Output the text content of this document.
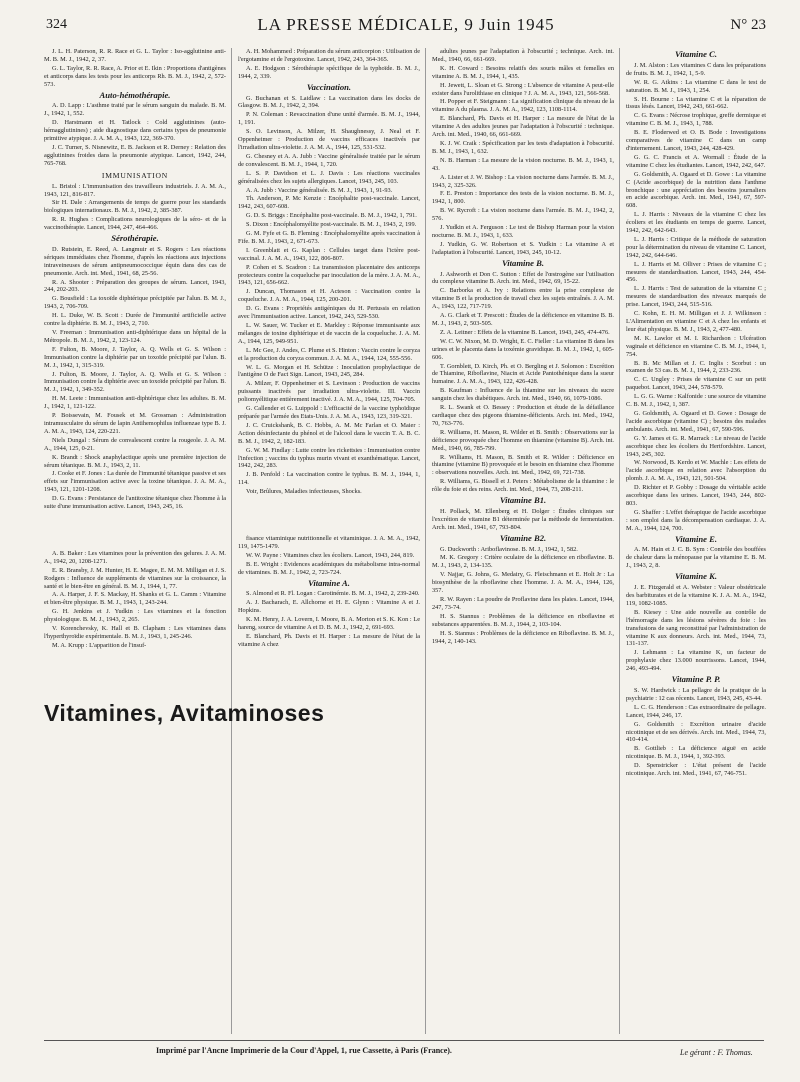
324	LA PRESSE MÉDICALE, 9 Juin 1945	N° 23

J. L. H. Paterson, R. R. Race et G. L. Taylor : Iso-agglutinine anti-M. B. M. J., 1942, 2, 37.

G. L. Taylor, R. R. Race, A. Prior et E. Ikin : Proportions d'antigènes et anticorps dans les tests pour les anticorps Rh. B. M. J., 1942, 2, 572-573.

Auto-hémothérapie.

A. D. Lapp : L'asthme traité par le sérum sanguin du malade. B. M. J., 1942, 1, 552.

D. Harstmann et H. Tatlock : Cold agglutinines (auto-hémagglutinines) ; aide diagnostique dans certains types de pneumonie primitive atypique. J. A. M. A., 1943, 122, 369-370.

J. C. Turner, S. Nisnewitz, E. B. Jackson et R. Derney : Relation des agglutinines froides dans la pneumonie atypique. Lancet, 1942, 244, 765-768.

IMMUNISATION

L. Bristol : L'immunisation des travailleurs industriels. J. A. M. A., 1943, 121, 816-817.

Sir H. Dale : Arrangements de temps de guerre pour les standards biologiques internationaux. B. M. J., 1942, 2, 385-387.

R. R. Hughes : Complications neurologiques de la séro- et de la vaccinothérapie. Lancet, 1944, 247, 464-466.

Sérothérapie.

D. Rutstein, E. Reed, A. Langmuir et S. Rogers : Les réactions sériques immédiates chez l'homme, d'après les réactions aux injections intraveineuses de sérum antipneumococcique équin dans des cas de pneumonie. Arch. int. Med., 1941, 68, 25-56.

R. A. Shooter : Préparation des groupes de sérum. Lancet, 1943, 244, 202-203.

G. Bousfield : La toxoïde diphtérique précipitée par l'alun. B. M. J., 1943, 2, 706-709.

H. L. Duke, W. B. Scott : Durée de l'immunité artificielle active contre la diphtérie. B. M. J., 1943, 2, 710.

V. Freeman : Immunisation anti-diphtérique dans un hôpital de la Métropole. B. M. J., 1942, 2, 123-124.

F. Fulton, B. Moore, J. Taylor, A. Q. Wells et G. S. Wilson : Immunisation contre la diphtérie par un toxoïde précipité par l'alun. B. M. J., 1942, 1, 315-319.

J. Fulton, B. Moore, J. Taylor, A. Q. Wells et G. S. Wilson : Immunisation contre la diphtérie avec un toxoïde précipité par l'alun. B. M. J., 1942, 1, 349-352.

H. M. Leete : Immunisation anti-diphtérique chez les adultes. B. M. J., 1942, 1, 121-122.

P. Boissevain, M. Fousek et M. Grossman : Administration intramusculaire du sérum de lapin Antihemophilus influenzae type B. J. A. M. A., 1943, 124, 220-221.

Niels Dungal : Sérum de convalescent contre la rougeole. J. A. M. A., 1944, 125, 0-21.

K. Brandt : Shock anaphylactique après une première injection de sérum tétanique. B. M. J., 1943, 2, 11.

J. Cooke et F. Jones : La durée de l'immunité tétanique passive et ses effets sur l'immunisation active avec la toxine tétanique. J. A. M. A., 1943, 121, 1201-1208.

D. G. Evans : Persistance de l'antitoxine tétanique chez l'homme à la suite d'une immunisation active. Lancet, 1943, 245, 16.

A. B. Baker : Les vitamines pour la prévention des gelures. J. A. M. A., 1942, 20, 1208-1271.

E. R. Bransby, J. M. Hunter, H. E. Magee, E. M. M. Milligan et J. S. Rodgers : Influence de suppléments de vitamines sur la croissance, la santé et le bien-être en général. B. M. J., 1944, 1, 77.

A. A. Harper, J. F. S. Mackay, H. Shanks et G. L. Camm : Vitamine et bien-être physique. B. M. J., 1943, 1, 243-244.

G. H. Jenkins et J. Yudkin : Les vitamines et la fonction physiologique. B. M. J., 1943, 2, 265.

V. Korenchevsky, K. Hall et B. Clapham : Les vitamines dans l'hyperthyroïdie expérimentale. B. M. J., 1943, 1, 245-246.

M. A. Krupp : L'apparition de l'insuf-

A. H. Mohammed : Préparation du sérum anticorpion : Utilisation de l'ergotamine et de l'ergotoxine. Lancet, 1942, 243, 364-365.

A. E. Hodgson : Sérothérapie spécifique de la typhoïde. B. M. J., 1944, 2, 339.

Vaccination.

G. Buchanan et S. Laidlaw : La vaccination dans les docks de Glasgow. B. M. J., 1942, 2, 394.

P. N. Coleman : Revaccination d'une unité d'armée. B. M. J., 1944, 1, 191.

S. O. Levinson, A. Milzer, H. Shaughnessy, J. Neal et F. Oppenheimer : Production de vaccins efficaces inactivés par l'irradiation ultra-violette. J. A. M. A., 1944, 125, 531-532.

G. Chesney et A. A. Jubb : Vaccine généralisée traitée par le sérum de convalescent. B. M. J., 1944, 1, 720.

L. S. P. Davidson et L. J. Davis : Les réactions vaccinales généralisées chez les sujets allergiques. Lancet, 1943, 245, 103.

A. A. Jubb : Vaccine généralisée. B. M. J., 1943, 1, 91-93.

Th. Anderson, P. Mc Kenzie : Encéphalite post-vaccinale. Lancet, 1942, 243, 607-608.

G. D. S. Briggs : Encéphalite post-vaccinale. B. M. J., 1942, 1, 791.

S. Dixon : Encéphalomyélite post-vaccinale. B. M. J., 1943, 2, 199.

G. M. Fyfe et G. B. Fleming : Encéphalomyélite après vaccination à Fife. B. M. J., 1943, 2, 671-673.

I. Greenblatt et G. Kaplan : Cellules target dans l'ictère post-vaccinal. J. A. M. A., 1943, 122, 806-807.

P. Cohen et S. Scadron : La transmission placentaire des anticorps protecteurs contre la coqueluche par inoculation de la mère. J. A. M. A., 1943, 121, 656-662.

J. Duncan, Thomason et H. Acteson : Vaccination contre la coqueluche. J. A. M. A., 1944, 125, 200-201.

D. G. Evans : Propriétés antigéniques du H. Pertussis en relation avec l'immunisation active. Lancet, 1942, 243, 529-530.

L. W. Sauer, W. Tucker et E. Markley : Réponse immunisante aux mélanges de toxine diphtérique et de vaccin de la coqueluche. J. A. M. A., 1944, 125, 949-951.

L. Mc Gee, J. Andes, C. Plume et S. Hinton : Vaccin contre le coryza et la production du coryza commun. J. A. M. A., 1944, 124, 555-556.

W. L. G. Morgan et H. Schütze : Inoculation prophylactique de l'antigène O de Fact Sign. Lancet, 1943, 245, 284.

A. Milzer, F. Oppenheimer et S. Levinson : Production de vaccins puissants inactivés par irradiation ultra-violette. III. Vaccin poliomyélitique entièrement inactivé. J. A. M. A., 1944, 125, 704-705.

G. Callender et G. Luippold : L'efficacité de la vaccine typhoïdique préparée par l'armée des Etats-Unis. J. A. M. A., 1943, 123, 319-321.

J. C. Cruickshank, B. C. Hobbs, A. M. Mc Farlan et O. Maier : Action désinfectante du phénol et de l'alcool dans le vaccin T. A. B. C. B. M. J., 1942, 2, 182-183.

G. W. M. Findlay : Lutte contre les rickettsies : Immunisation contre l'infection ; vaccins du typhus murin vivant et exanthématique. Lancet, 1942, 242, 283.

J. B. Penfold : La vaccination contre le typhus. B. M. J., 1944, 1, 114.

Voir, Brûlures, Maladies infectieuses, Shocks.

fisance vitaminique nutritionnelle et vitaminique. J. A. M. A., 1942, 119, 1475-1479.

W. W. Payne : Vitamines chez les écoliers. Lancet, 1943, 244, 819.

B. E. Wright : Evidences académiques du métabolisme intra-normal de vitamines. B. M. J., 1942, 2, 723-724.

Vitamine A.

S. Almond et R. Fl. Logan : Carotinémie. B. M. J., 1942, 2, 239-240.

A. J. Bacharach, E. Allchorne et H. E. Glynn : Vitamine A et J. Hopkins.

K. M. Henry, J. A. Lovern, I. Moore, B. A. Morton et S. K. Kon : Le hareng, source de vitamine A et D. B. M. J., 1942, 2, 691-693.

E. Blanchard, Ph. Davis et H. Harper : La mesure de l'état de la vitamine A chez

adultes jeunes par l'adaptation à l'obscurité ; technique. Arch. int. Med., 1940, 66, 661-669.

K. H. Coward : Besoins relatifs des souris mâles et femelles en vitamine A. B. M. J., 1944, 1, 435.

H. Jewett, L. Sloan et G. Strong : L'absence de vitamine A peut-elle exister dans l'urolithiase en clinique ? J. A. M. A., 1943, 121, 566-568.

H. Popper et F. Steigmann : La signification clinique du niveau de la vitamine A du plasma. J. A. M. A., 1942, 123, 1108-1114.

E. Blanchard, Ph. Davis et H. Harper : La mesure de l'état de la vitamine A des adultes jeunes par l'adaptation à l'obscurité : technique. Arch. int. Med., 1940, 66, 661-669.

K. J. W. Craik : Spécification par les tests d'adaptation à l'obscurité. B. M. J., 1943, 1, 632.

N. B. Harman : La mesure de la vision nocturne. B. M. J., 1943, 1, 43.

A. Lister et J. W. Bishop : La vision nocturne dans l'armée. B. M. J., 1943, 2, 325-326.

F. E. Preston : Importance des tests de la vision nocturne. B. M. J., 1942, 1, 800.

B. W. Rycroft : La vision nocturne dans l'armée. B. M. J., 1942, 2, 576.

J. Yudkin et A. Ferguson : Le test de Bishop Harman pour la vision nocturne. B. M. J., 1943, 1, 633.

J. Yudkin, G. W. Robertson et S. Yudkin : La vitamine A et l'adaptation à l'obscurité. Lancet, 1943, 245, 10-12.

Vitamine B.

J. Ashworth et Don C. Sutton : Effet de l'œstrogène sur l'utilisation du complexe vitamine B. Arch. int. Med., 1942, 69, 15-22.

C. Barborka et A. Ivy : Relations entre la prise complexe de vitamine B et la production de travail chez les sujets entraînés. J. A. M. A., 1943, 122, 717-719.

A. G. Clark et T. Prescott : Études de la déficience en vitamine B. B. M. J., 1943, 2, 503-505.

Z. A. Leitner : Effets de la vitamine B. Lancet, 1943, 245, 474-476.

W. C. W. Nixon, M. D. Wright, E. C. Fieller : La vitamine B dans les urines et le placenta dans la toxémie gravidique. B. M. J., 1942, 1, 605-606.

T. Gornblett, D. Kirch, Ph. et O. Bergling et J. Solomon : Excrétion de Thiamine, Riboflavine, Niacin et Acide Pantothénique dans la sueur humaine. J. A. M. A., 1943, 122, 426-428.

B. Kaufman : Influence de la thiamine sur les niveaux du sucre sanguin chez les diabétiques. Arch. int. Med., 1940, 66, 1079-1086.

R. L. Swank et O. Bessey : Production et étude de la défaillance cardiaque chez des pigeons thiamine-déficients. Arch. int. Med., 1942, 70, 763-776.

R. Williams, H. Mason, R. Wilder et B. Smith : Observations sur la déficience provoquée chez l'homme en thiamine (vitamine B). Arch. int. Med., 1940, 66, 785-799.

R. Williams, H. Mason, B. Smith et R. Wilder : Déficience en thiamine (vitamine B) provoquée et le besoin en thiamine chez l'homme : observations nouvelles. Arch. int. Med., 1942, 69, 721-738.

R. Williams, G. Bissell et J. Peters : Métabolisme de la thiamine : le rôle du foie et des reins. Arch. int. Med., 1944, 73, 208-211.

Vitamine B1.

H. Pollack, M. Ellenberg et H. Dolger : Études cliniques sur l'excrétion de vitamine B1 déterminée par la méthode de fermentation. Arch. int. Med., 1941, 67, 793-804.

Vitamine B2.

G. Duckworth : Ariboflavinose. B. M. J., 1942, 1, 582.

M. K. Gregory : Critère oculaire de la déficience en riboflavine. B. M. J., 1943, 2, 134-135.

V. Najjar, G. Johns, G. Medairy, G. Fleischmann et E. Holt Jr : La biosynthèse de la riboflavine chez l'homme. J. A. M. A., 1944, 126, 357.

R. W. Rayen : La poudre de Proflavine dans les plaies. Lancet, 1944, 247, 73-74.

H. S. Stannus : Problèmes de la déficience en riboflavine et substances apparentées. B. M. J., 1944, 2, 103-104.

H. S. Stannus : Problèmes de la déficience en Riboflavine. B. M. J., 1944, 2, 140-143.

Vitamine C.

J. M. Alston : Les vitamines C dans les préparations de fruits. B. M. J., 1942, 1, 5-9.

W. R. G. Atkins : La vitamine C dans le test de saturation. B. M. J., 1943, 1, 254.

S. H. Bourne : La vitamine C et la réparation de tissus lésés. Lancet, 1942, 243, 661-662.

C. G. Evans : Nécrose trophique, greffe dermique et vitamine C. B. M. J., 1943, 1, 788.

B. E. Floderwed et O. B. Bode : Investigations comparatives de vitamine C dans un camp d'internement. Lancet, 1943, 244, 428-429.

G. G. C. Francis et A. Wormall : Étude de la vitamine C chez les étudiantes. Lancet, 1942, 242, 647.

G. Goldsmith, A. Ogaard et D. Gowe : La vitamine C (Acide ascorbique) de la nutrition dans l'anthme bronchique : une appréciation des besoins journaliers en acide ascorbique. Arch. int. Med., 1941, 67, 597-608.

L. J. Harris : Niveaux de la vitamine C chez les écoliers et les étudiants en temps de guerre. Lancet, 1942, 242, 642-643.

L. J. Harris : Critique de la méthode de saturation pour la détermination du niveau de vitamine C. Lancet, 1942, 242, 644-646.

L. J. Harris et M. Olliver : Prises de vitamine C ; mesures de standardisation. Lancet, 1943, 244, 454-456.

L. J. Harris : Test de saturation de la vitamine C ; mesures de standardisation des niveaux marqués de prise. Lancet, 1943, 244, 515-516.

C. Kohn, E. H. M. Milligan et J. J. Wilkinson : L'Alimentation en vitamine C et A chez les enfants et leur état physique. B. M. J., 1943, 2, 477-480.

M. K. Lawlor et M. I. Richardson : Ulcération vaginale et déficience en vitamine C. B. M. J., 1944, 1, 754.

B. B. Mc Millan et J. C. Inglis : Scorbut : un examen de 53 cas. B. M. J., 1944, 2, 233-236.

C. C. Ungley : Prises de vitamine C sur un petit paquebot. Lancet, 1943, 244, 578-579.

L. G. G. Warne : Kalfonide : une source de vitamine C. B. M. J., 1942, 1, 387.

G. Goldsmith, A. Ogaard et D. Gowe : Dosage de l'acide ascorbique (vitamine C) ; besoins des malades ambulants. Arch. int. Med., 1941, 67, 590-596.

G. Y. James et G. R. Marrack : Le niveau de l'acide ascorbique chez les écoliers du Hertfordshire. Lancet, 1943, 245, 302.

W. Norwood, B. Kerdo et W. Machle : Les effets de l'acide ascorbique en relation avec l'absorption du plomb. J. A. M. A., 1943, 121, 501-504.

D. Richter et P. Gobby : Dosage du véritable acide ascorbique dans les urines. Lancet, 1943, 244, 802-803.

G. Shaffer : L'effet thérapique de l'acide ascorbique : son emploi dans la décompensation cardiaque. J. A. M. A., 1944, 124, 700.

Vitamine E.

A. M. Hain et J. C. B. Sym : Contrôle des bouffées de chaleur dans la ménopause par la vitamine E. B. M. J., 1943, 2, 8.

Vitamine K.

J. E. Fitzgerald et A. Webster : Valeur obstétricale des barbiturates et de la vitamine K. J. A. M. A., 1942, 119, 1082-1085.

B. Kiesey : Une aide nouvelle au contrôle de l'hémorragie dans les lésions sévères du foie : les transfusions de sang reconstitué par l'administration de vitamine K aux donneurs. Arch. int. Med., 1944, 73, 131-137.

J. Lehmann : La vitamine K, un facteur de prophylaxie chez 13.000 nourrissons. Lancet, 1944, 246, 493-494.

Vitamine P. P.

S. W. Hardwick : La pellagre de la pratique de la psychiatrie : 12 cas récents. Lancet, 1943, 245, 43-44.

L. C. G. Henderson : Cas extraordinaire de pellagre. Lancet, 1944, 246, 17.

G. Goldsmith : Excrétion urinaire d'acide nicotinique et de ses dérivés. Arch. int. Med., 1944, 73, 410-414.

B. Gottlieb : La déficience aiguë en acide nicotinique. B. M. J., 1944, 1, 392-393.

D. Spenstricker : L'état présent de l'acide nicotinique. Arch. int. Med., 1941, 67, 746-751.

Vitamines, Avitaminoses
Imprimé par l'Ancne Imprimerie de la Cour d'Appel, 1, rue Cassette, à Paris (France).	Le gérant : F. Thomas.
